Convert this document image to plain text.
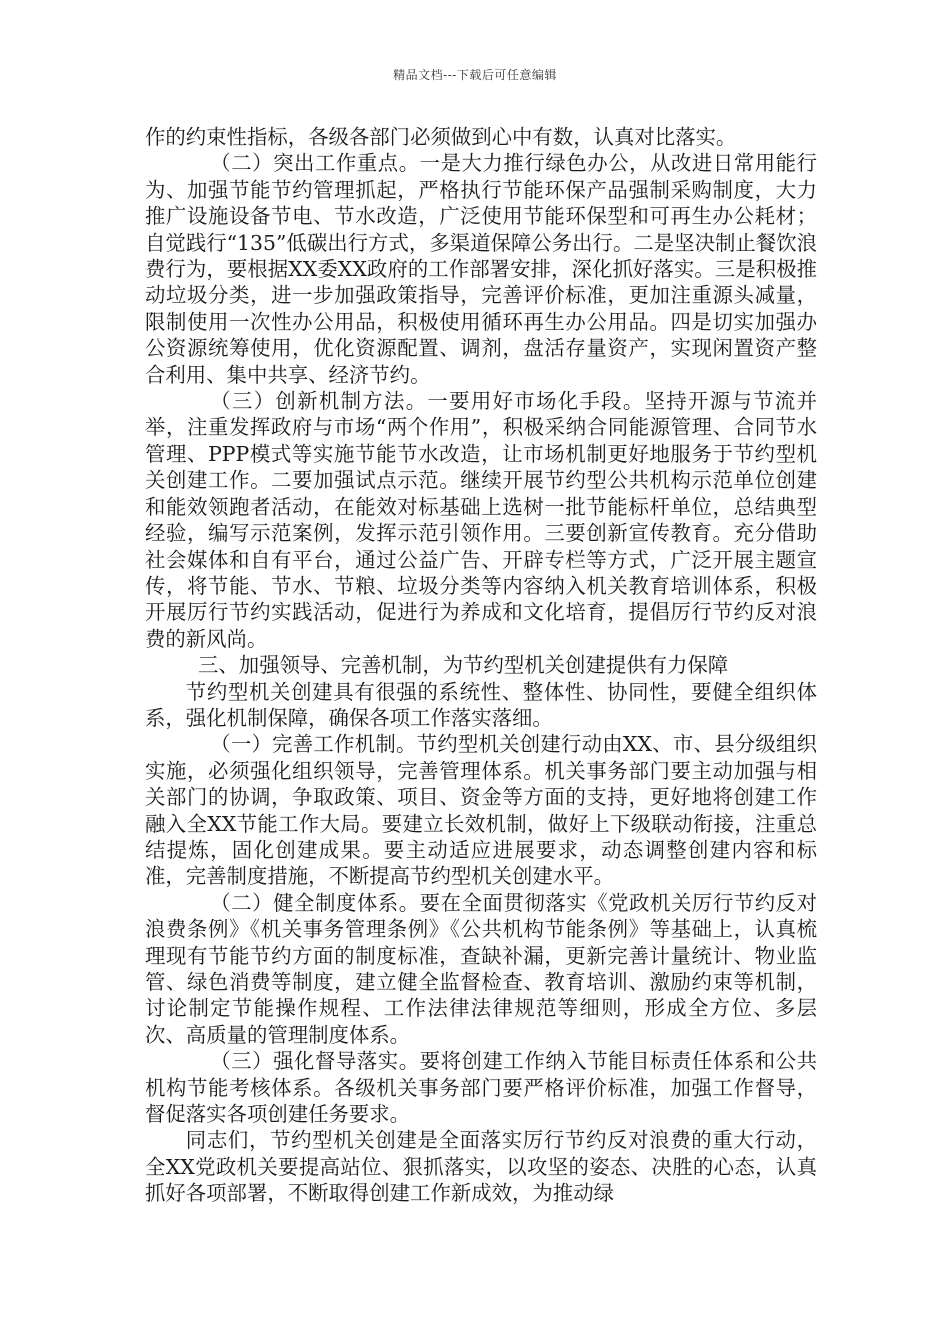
精品文档---下载后可任意编辑

作的约束性指标，各级各部门必须做到心中有数，认真对比落实。

（二）突出工作重点。一是大力推行绿色办公，从改进日常用能行为、加强节能节约管理抓起，严格执行节能环保产品强制采购制度，大力推广设施设备节电、节水改造，广泛使用节能环保型和可再生办公耗材；自觉践行“135”低碳出行方式，多渠道保障公务出行。二是坚决制止餐饮浪费行为，要根据XX委XX政府的工作部署安排，深化抓好落实。三是积极推动垃圾分类，进一步加强政策指导，完善评价标准，更加注重源头减量，限制使用一次性办公用品，积极使用循环再生办公用品。四是切实加强办公资源统筹使用，优化资源配置、调剂，盘活存量资产，实现闲置资产整合利用、集中共享、经济节约。

（三）创新机制方法。一要用好市场化手段。坚持开源与节流并举，注重发挥政府与市场“两个作用”，积极采纳合同能源管理、合同节水管理、PPP模式等实施节能节水改造，让市场机制更好地服务于节约型机关创建工作。二要加强试点示范。继续开展节约型公共机构示范单位创建和能效领跑者活动，在能效对标基础上选树一批节能标杆单位，总结典型经验，编写示范案例，发挥示范引领作用。三要创新宣传教育。充分借助社会媒体和自有平台，通过公益广告、开辟专栏等方式，广泛开展主题宣传，将节能、节水、节粮、垃圾分类等内容纳入机关教育培训体系，积极开展厉行节约实践活动，促进行为养成和文化培育，提倡厉行节约反对浪费的新风尚。

三、加强领导、完善机制，为节约型机关创建提供有力保障

节约型机关创建具有很强的系统性、整体性、协同性，要健全组织体系，强化机制保障，确保各项工作落实落细。

（一）完善工作机制。节约型机关创建行动由XX、市、县分级组织实施，必须强化组织领导，完善管理体系。机关事务部门要主动加强与相关部门的协调，争取政策、项目、资金等方面的支持，更好地将创建工作融入全XX节能工作大局。要建立长效机制，做好上下级联动衔接，注重总结提炼，固化创建成果。要主动适应进展要求，动态调整创建内容和标准，完善制度措施，不断提高节约型机关创建水平。

（二）健全制度体系。要在全面贯彻落实《党政机关厉行节约反对浪费条例》《机关事务管理条例》《公共机构节能条例》等基础上，认真梳理现有节能节约方面的制度标准，查缺补漏，更新完善计量统计、物业监管、绿色消费等制度，建立健全监督检查、教育培训、激励约束等机制，讨论制定节能操作规程、工作法律法律规范等细则，形成全方位、多层次、高质量的管理制度体系。

（三）强化督导落实。要将创建工作纳入节能目标责任体系和公共机构节能考核体系。各级机关事务部门要严格评价标准，加强工作督导，督促落实各项创建任务要求。

同志们，节约型机关创建是全面落实厉行节约反对浪费的重大行动，全XX党政机关要提高站位、狠抓落实，以攻坚的姿态、决胜的心态，认真抓好各项部署，不断取得创建工作新成效，为推动绿
